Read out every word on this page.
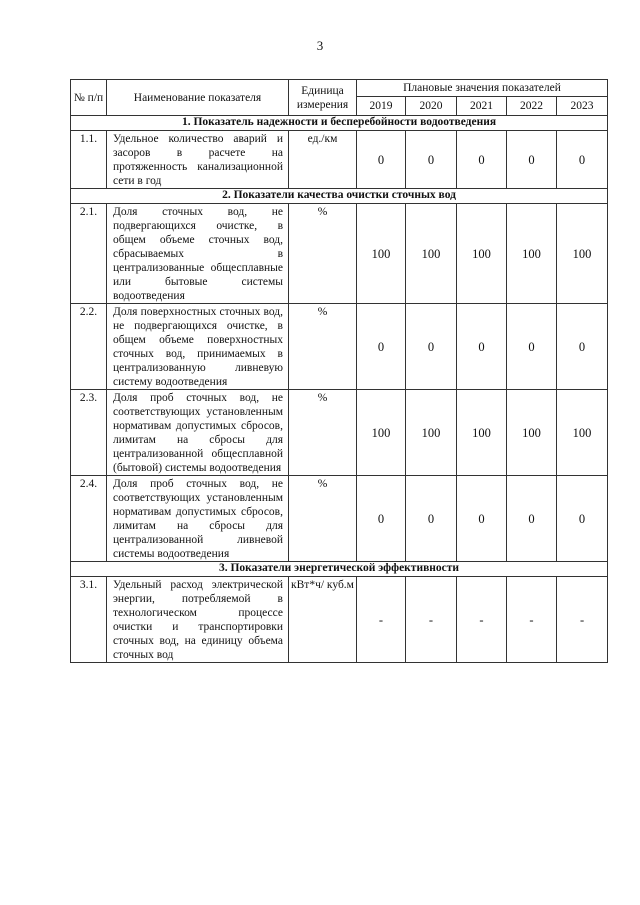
3
№ п/п	Наименование показателя	Единица измерения	Плановые значения показателей				
			2019	2020	2021	2022	2023
1. Показатель надежности и бесперебойности водоотведения							
1.1.	Удельное количество аварий и засоров в расчете на протяженность канализационной сети в год	ед./км	0	0	0	0	0
2. Показатели качества очистки сточных вод							
2.1.	Доля сточных вод, не подвергающихся очистке, в общем объеме сточных вод, сбрасываемых в централизованные общесплавные или бытовые системы водоотведения	%	100	100	100	100	100
2.2.	Доля поверхностных сточных вод, не подвергающихся очистке, в общем объеме поверхностных сточных вод, принимаемых в централизованную ливневую систему водоотведения	%	0	0	0	0	0
2.3.	Доля проб сточных вод, не соответствующих установленным нормативам допустимых сбросов, лимитам на сбросы для централизованной общесплавной (бытовой) системы водоотведения	%	100	100	100	100	100
2.4.	Доля проб сточных вод, не соответствующих установленным нормативам допустимых сбросов, лимитам на сбросы для централизованной ливневой системы водоотведения	%	0	0	0	0	0
3. Показатели энергетической эффективности							
3.1.	Удельный расход электрической энергии, потребляемой в технологическом процессе очистки и транспортировки сточных вод, на единицу объема сточных вод	кВт*ч/ куб.м	-	-	-	-	-
